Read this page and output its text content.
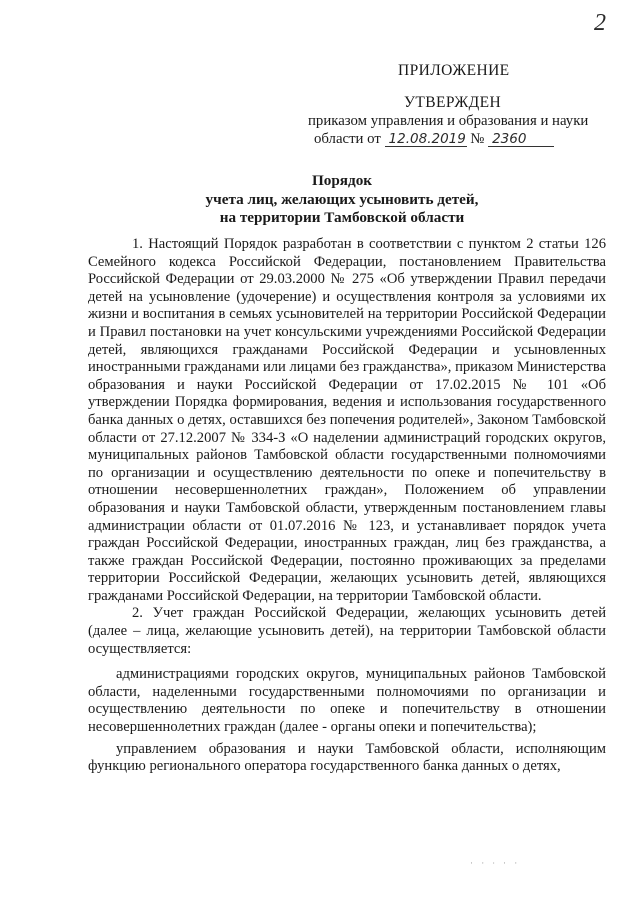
2
ПРИЛОЖЕНИЕ
УТВЕРЖДЕН
приказом управления и образования и науки
области от 12.08.2019 № 2360
Порядок
учета лиц, желающих усыновить детей,
на территории Тамбовской области

1. Настоящий Порядок разработан в соответствии с пунктом 2 статьи 126 Семейного кодекса Российской Федерации, постановлением Правительства Российской Федерации от 29.03.2000 № 275 «Об утверждении Правил передачи детей на усыновление (удочерение) и осуществления контроля за условиями их жизни и воспитания в семьях усыновителей на территории Российской Федерации и Правил постановки на учет консульскими учреждениями Российской Федерации детей, являющихся гражданами Российской Федерации и усыновленных иностранными гражданами или лицами без гражданства», приказом Министерства образования и науки Российской Федерации от 17.02.2015 № 101 «Об утверждении Порядка формирования, ведения и использования государственного банка данных о детях, оставшихся без попечения родителей», Законом Тамбовской области от 27.12.2007 № 334-З «О наделении администраций городских округов, муниципальных районов Тамбовской области государственными полномочиями по организации и осуществлению деятельности по опеке и попечительству в отношении несовершеннолетних граждан», Положением об управлении образования и науки Тамбовской области, утвержденным постановлением главы администрации области от 01.07.2016 № 123, и устанавливает порядок учета граждан Российской Федерации, иностранных граждан, лиц без гражданства, а также граждан Российской Федерации, постоянно проживающих за пределами территории Российской Федерации, желающих усыновить детей, являющихся гражданами Российской Федерации, на территории Тамбовской области.

2. Учет граждан Российской Федерации, желающих усыновить детей (далее – лица, желающие усыновить детей), на территории Тамбовской области осуществляется:

администрациями городских округов, муниципальных районов Тамбовской области, наделенными государственными полномочиями по организации и осуществлению деятельности по опеке и попечительству в отношении несовершеннолетних граждан (далее - органы опеки и попечительства);

управлением образования и науки Тамбовской области, исполняющим функцию регионального оператора государственного банка данных о детях,

· · ∙ · ·
